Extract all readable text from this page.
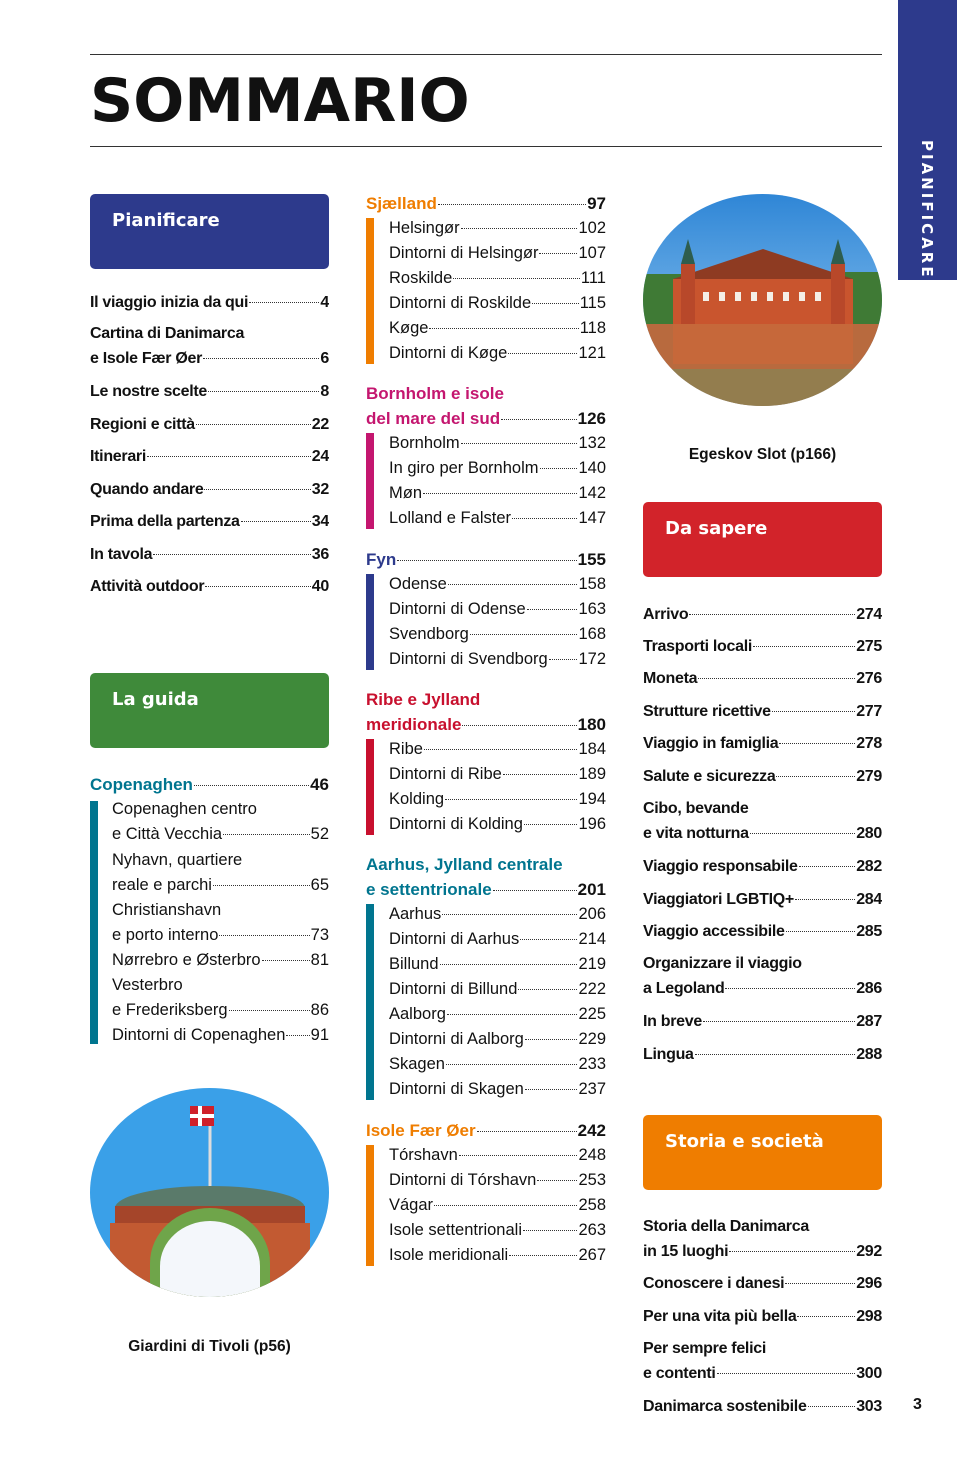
SOMMARIO
PIANIFICARE
Pianificare
La guida
Da sapere
Storia e società
Egeskov Slot (p166)
Giardini di Tivoli (p56)
3
Il viaggio inizia da qui	4
Cartina di Danimarca
e Isole Fær Øer	6
Le nostre scelte	8
Regioni e città	22
Itinerari	24
Quando andare	32
Prima della partenza	34
In tavola	36
Attività outdoor	40
Copenaghen	46
Copenaghen centro
e Città Vecchia	52
Nyhavn, quartiere
reale e parchi	65
Christianshavn
e porto interno	73
Nørrebro e Østerbro	81
Vesterbro
e Frederiksberg	86
Dintorni di Copenaghen 91
Sjælland	97
Helsingør	102
Dintorni di Helsingør 107
Roskilde	111
Dintorni di Roskilde	115
Køge	118
Dintorni di Køge	121
Bornholm e isole
del mare del sud	126
Bornholm	132
In giro per Bornholm 140
Møn	142
Lolland e Falster	147
Fyn	155
Odense	158
Dintorni di Odense	163
Svendborg	168
Dintorni di Svendborg 172
Ribe e Jylland
meridionale	180
Ribe	184
Dintorni di Ribe	189
Kolding	194
Dintorni di Kolding	196
Aarhus, Jylland centrale
e settentrionale	201
Aarhus	206
Dintorni di Aarhus	214
Billund	219
Dintorni di Billund	222
Aalborg	225
Dintorni di Aalborg	229
Skagen	233
Dintorni di Skagen	237
Isole Fær Øer	242
Tórshavn	248
Dintorni di Tórshavn	253
Vágar	258
Isole settentrionali	263
Isole meridionali	267
Arrivo	274
Trasporti locali	275
Moneta	276
Strutture ricettive	277
Viaggio in famiglia	278
Salute e sicurezza	279
Cibo, bevande
e vita notturna	280
Viaggio responsabile	282
Viaggiatori LGBTIQ+	284
Viaggio accessibile	285
Organizzare il viaggio
a Legoland	286
In breve	287
Lingua	288
Storia della Danimarca
in 15 luoghi	292
Conoscere i danesi	296
Per una vita più bella	298
Per sempre felici
e contenti	300
Danimarca sostenibile	303
